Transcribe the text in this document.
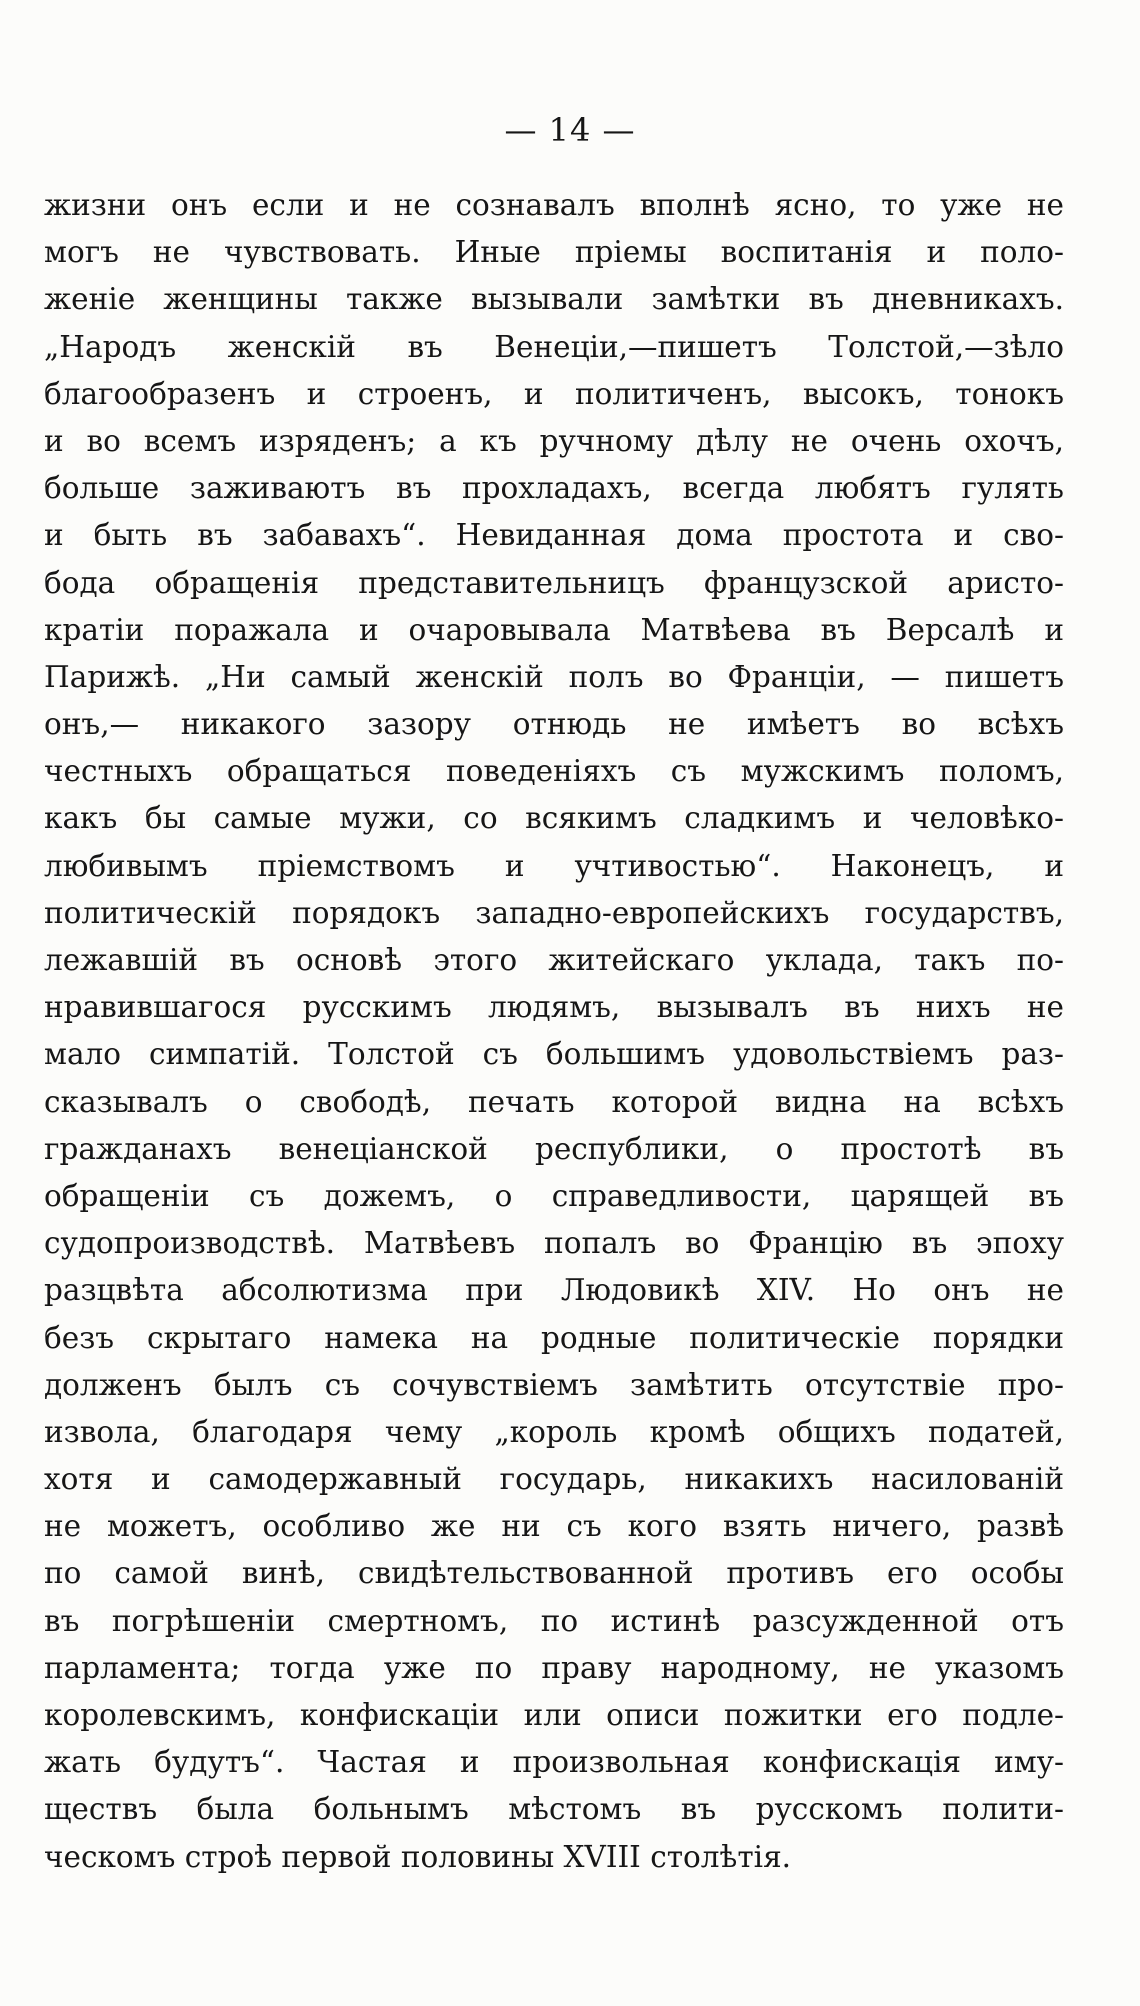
— 14 —
жизни онъ если и не сознавалъ вполнѣ ясно, то уже не
могъ не чувствовать. Иные пріемы воспитанія и поло-
женіе женщины также вызывали замѣтки въ дневникахъ.
„Народъ женскій въ Венеціи,—пишетъ Толстой,—зѣло
благообразенъ и строенъ, и политиченъ, высокъ, тонокъ
и во всемъ изряденъ; а къ ручному дѣлу не очень охочъ,
больше заживаютъ въ прохладахъ, всегда любятъ гулять
и быть въ забавахъ“. Невиданная дома простота и сво-
бода обращенія представительницъ французской аристо-
кратіи поражала и очаровывала Матвѣева въ Версалѣ и
Парижѣ. „Ни самый женскій полъ во Франціи, — пишетъ
онъ,— никакого зазору отнюдь не имѣетъ во всѣхъ
честныхъ обращаться поведеніяхъ съ мужскимъ поломъ,
какъ бы самые мужи, со всякимъ сладкимъ и человѣко-
любивымъ пріемствомъ и учтивостью“. Наконецъ, и
политическій порядокъ западно-европейскихъ государствъ,
лежавшій въ основѣ этого житейскаго уклада, такъ по-
нравившагося русскимъ людямъ, вызывалъ въ нихъ не
мало симпатій. Толстой съ большимъ удовольствіемъ раз-
сказывалъ о свободѣ, печать которой видна на всѣхъ
гражданахъ венеціанской республики, о простотѣ въ
обращеніи съ дожемъ, о справедливости, царящей въ
судопроизводствѣ. Матвѣевъ попалъ во Францію въ эпоху
разцвѣта абсолютизма при Людовикѣ XIV. Но онъ не
безъ скрытаго намека на родные политическіе порядки
долженъ былъ съ сочувствіемъ замѣтить отсутствіе про-
извола, благодаря чему „король кромѣ общихъ податей,
хотя и самодержавный государь, никакихъ насилованій
не можетъ, особливо же ни съ кого взять ничего, развѣ
по самой винѣ, свидѣтельствованной противъ его особы
въ погрѣшеніи смертномъ, по истинѣ разсужденной отъ
парламента; тогда уже по праву народному, не указомъ
королевскимъ, конфискаціи или описи пожитки его подле-
жать будутъ“. Частая и произвольная конфискація иму-
ществъ была больнымъ мѣстомъ въ русскомъ полити-
ческомъ строѣ первой половины XVIII столѣтія.
